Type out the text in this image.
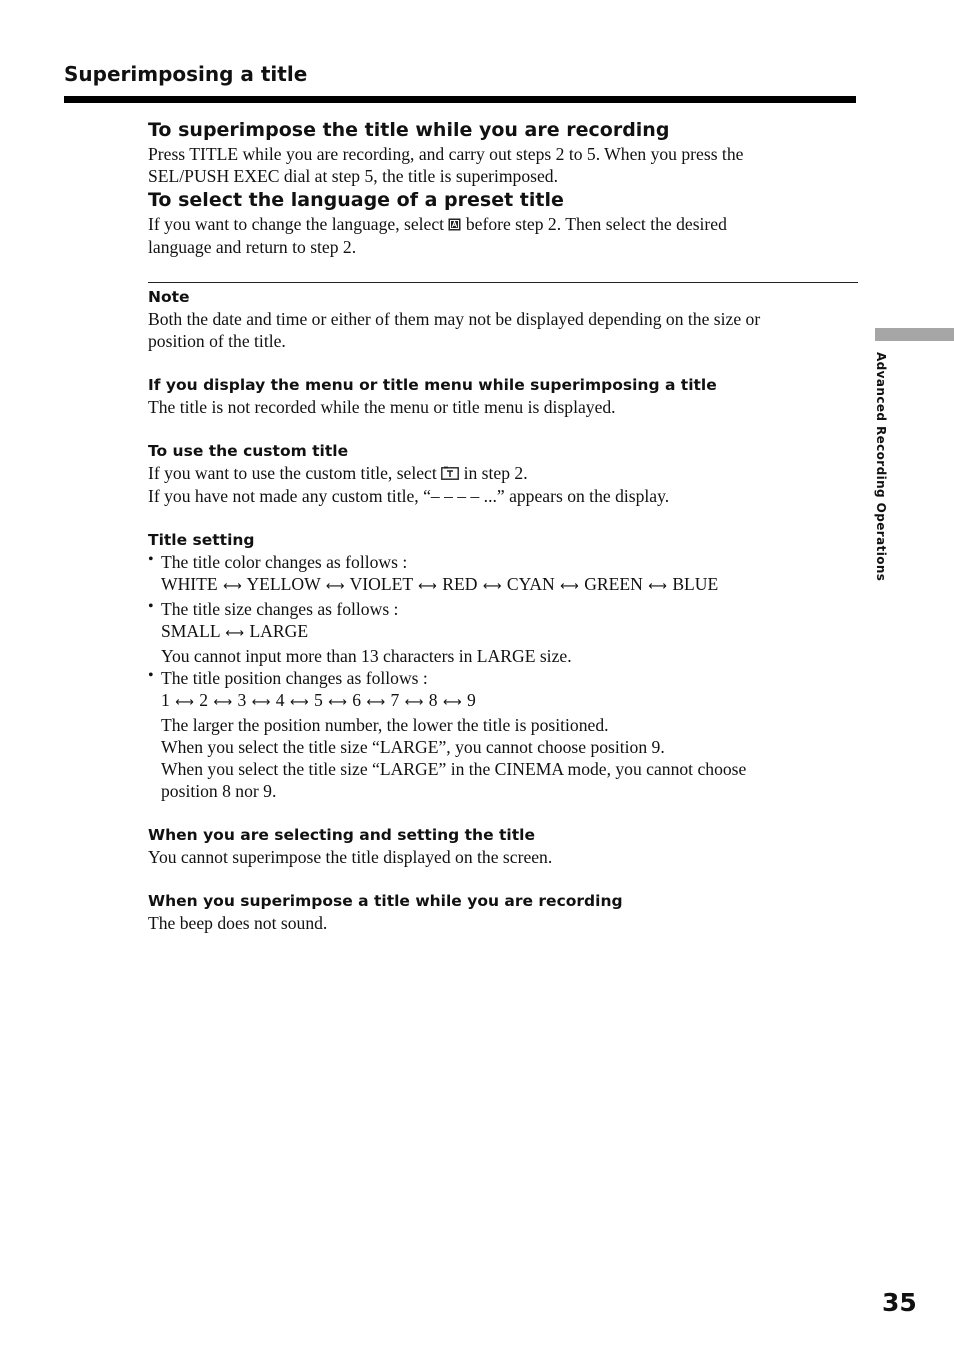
Superimposing a title
To superimpose the title while you are recording

Press TITLE while you are recording, and carry out steps 2 to 5. When you press the

SEL/PUSH EXEC dial at step 5, the title is superimposed.

To select the language of a preset title

If you want to change the language, select before step 2. Then select the desired

language and return to step 2.

Note

Both the date and time or either of them may not be displayed depending on the size or

position of the title.

If you display the menu or title menu while superimposing a title

The title is not recorded while the menu or title menu is displayed.

To use the custom title

If you want to use the custom title, select in step 2.

If you have not made any custom title, “– – – – ...” appears on the display.

Title setting
• The title color changes as follows :

WHITE ⟷ YELLOW ⟷ VIOLET ⟷ RED ⟷ CYAN ⟷ GREEN ⟷ BLUE

• The title size changes as follows :

SMALL ⟷ LARGE

You cannot input more than 13 characters in LARGE size.

• The title position changes as follows :

1 ⟷ 2 ⟷ 3 ⟷ 4 ⟷ 5 ⟷ 6 ⟷ 7 ⟷ 8 ⟷ 9

The larger the position number, the lower the title is positioned.

When you select the title size “LARGE”, you cannot choose position 9.

When you select the title size “LARGE” in the CINEMA mode, you cannot choose

position 8 nor 9.

When you are selecting and setting the title

You cannot superimpose the title displayed on the screen.

When you superimpose a title while you are recording

The beep does not sound.

Advanced Recording Operations
35
